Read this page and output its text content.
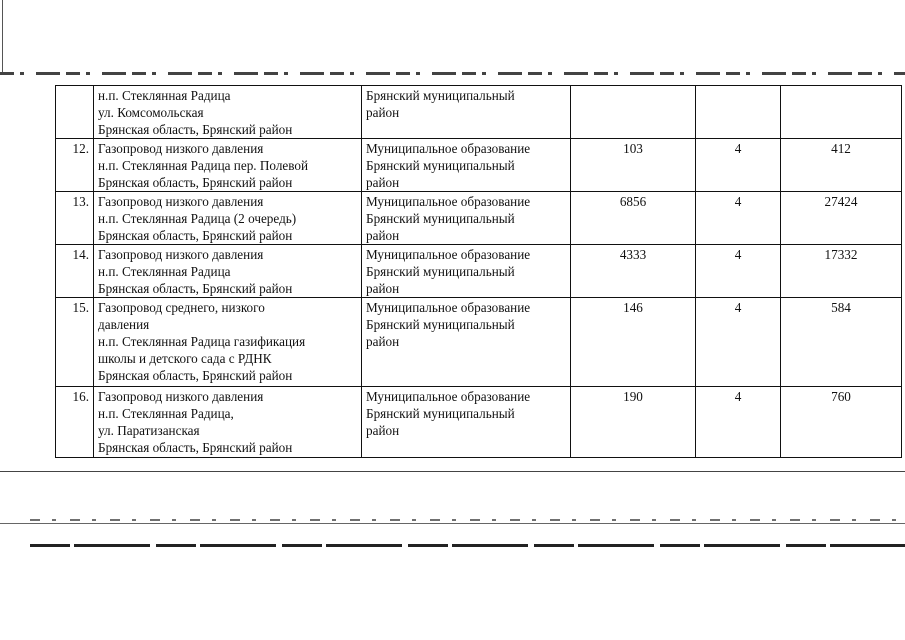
	н.п. Стеклянная Радица
ул. Комсомольская
Брянская область, Брянский район	Брянский муниципальный
район			

12.	Газопровод низкого давления
н.п. Стеклянная Радица пер. Полевой
Брянская область, Брянский район	Муниципальное образование
Брянский муниципальный
район	103	4	412
13.	Газопровод низкого давления
н.п. Стеклянная Радица (2 очередь)
Брянская область, Брянский район	Муниципальное образование
Брянский муниципальный
район	6856	4	27424
14.	Газопровод низкого давления
н.п. Стеклянная Радица
Брянская область, Брянский район	Муниципальное образование
Брянский муниципальный
район	4333	4	17332
15.	Газопровод среднего, низкого
давления
н.п. Стеклянная Радица газификация
школы и детского сада с РДНК
Брянская область, Брянский район	Муниципальное образование
Брянский муниципальный
район	146	4	584
16.	Газопровод низкого давления
н.п. Стеклянная Радица,
ул. Паратизанская
Брянская область, Брянский район	Муниципальное образование
Брянский муниципальный
район	190	4	760
